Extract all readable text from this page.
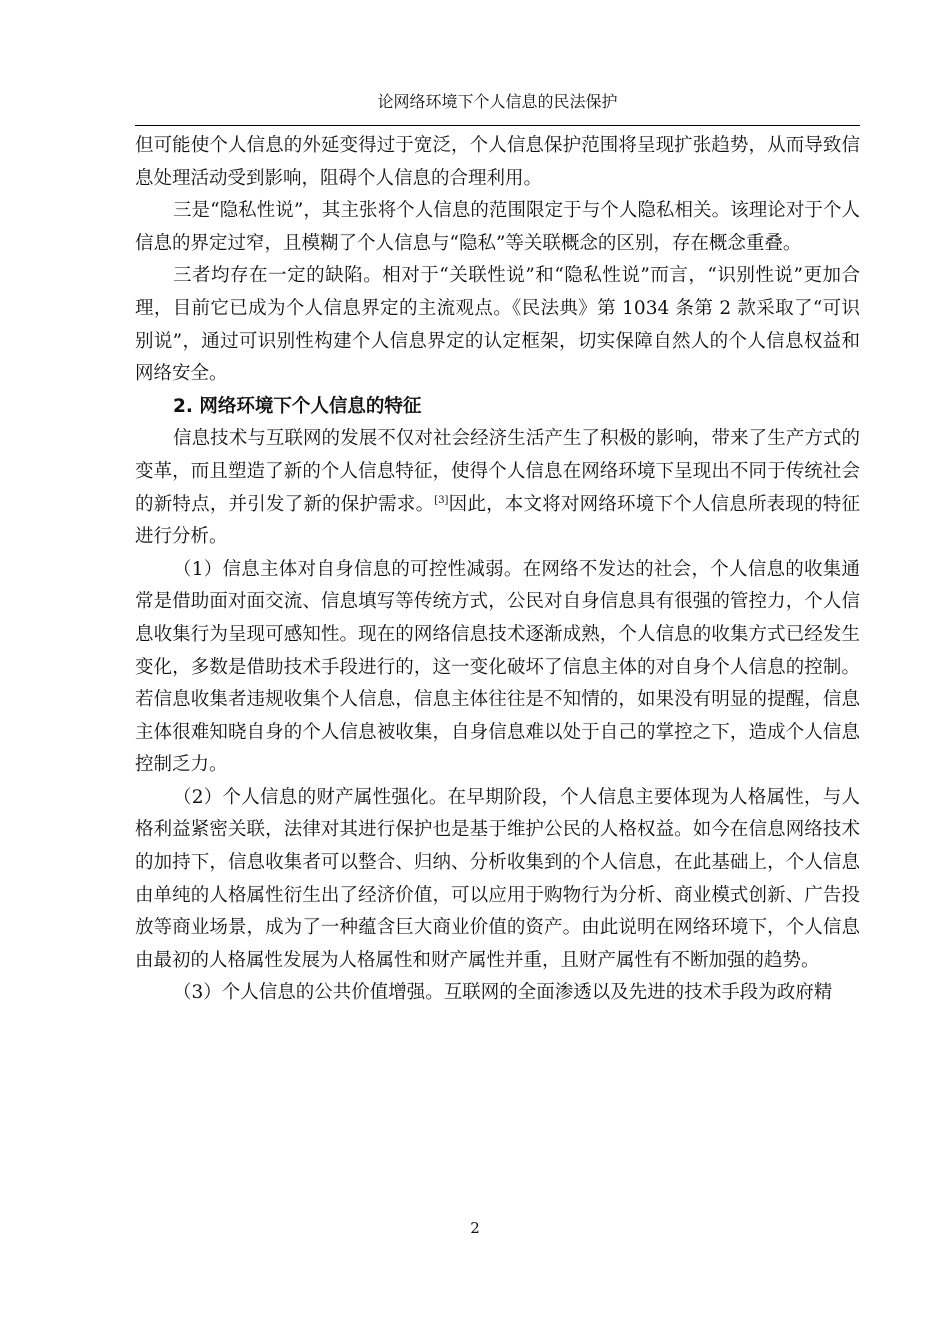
论网络环境下个人信息的民法保护

但可能使个人信息的外延变得过于宽泛，个人信息保护范围将呈现扩张趋势，从而导致信息处理活动受到影响，阻碍个人信息的合理利用。

三是“隐私性说”，其主张将个人信息的范围限定于与个人隐私相关。该理论对于个人信息的界定过窄，且模糊了个人信息与“隐私”等关联概念的区别，存在概念重叠。

三者均存在一定的缺陷。相对于“关联性说”和“隐私性说”而言，“识别性说”更加合理，目前它已成为个人信息界定的主流观点。《民法典》第 1034 条第 2 款采取了“可识别说”，通过可识别性构建个人信息界定的认定框架，切实保障自然人的个人信息权益和网络安全。

2. 网络环境下个人信息的特征

信息技术与互联网的发展不仅对社会经济生活产生了积极的影响，带来了生产方式的变革，而且塑造了新的个人信息特征，使得个人信息在网络环境下呈现出不同于传统社会的新特点，并引发了新的保护需求。[3]因此，本文将对网络环境下个人信息所表现的特征进行分析。

（1）信息主体对自身信息的可控性减弱。在网络不发达的社会，个人信息的收集通常是借助面对面交流、信息填写等传统方式，公民对自身信息具有很强的管控力，个人信息收集行为呈现可感知性。现在的网络信息技术逐渐成熟，个人信息的收集方式已经发生变化，多数是借助技术手段进行的，这一变化破坏了信息主体的对自身个人信息的控制。若信息收集者违规收集个人信息，信息主体往往是不知情的，如果没有明显的提醒，信息主体很难知晓自身的个人信息被收集，自身信息难以处于自己的掌控之下，造成个人信息控制乏力。

（2）个人信息的财产属性强化。在早期阶段，个人信息主要体现为人格属性，与人格利益紧密关联，法律对其进行保护也是基于维护公民的人格权益。如今在信息网络技术的加持下，信息收集者可以整合、归纳、分析收集到的个人信息，在此基础上，个人信息由单纯的人格属性衍生出了经济价值，可以应用于购物行为分析、商业模式创新、广告投放等商业场景，成为了一种蕴含巨大商业价值的资产。由此说明在网络环境下，个人信息由最初的人格属性发展为人格属性和财产属性并重，且财产属性有不断加强的趋势。

（3）个人信息的公共价值增强。互联网的全面渗透以及先进的技术手段为政府精

2
